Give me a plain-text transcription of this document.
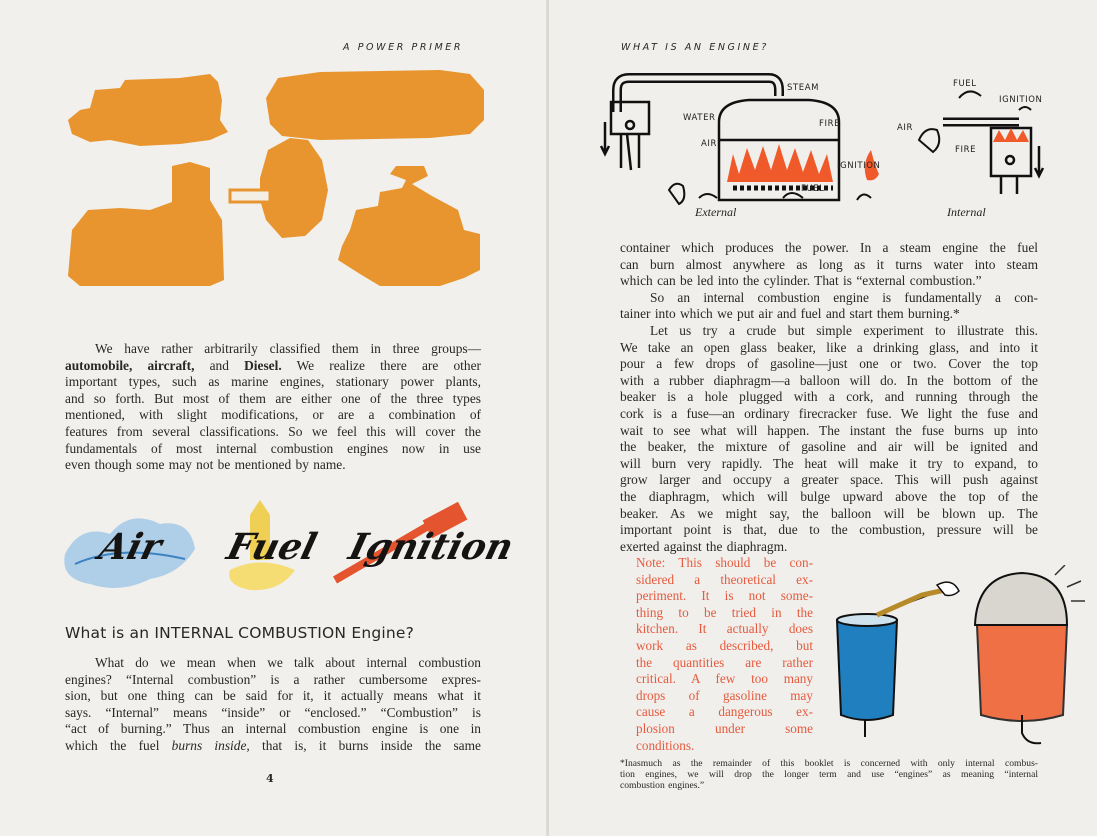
A POWER PRIMER
We have rather arbitrarily classified them in three groups—
automobile, aircraft, and Diesel. We realize there are other
important types, such as marine engines, stationary power plants,
and so forth. But most of them are either one of the three types
mentioned, with slight modifications, or are a combination of
features from several classifications. So we feel this will cover the
fundamentals of most internal combustion engines now in use
even though some may not be mentioned by name.
Air Fuel Ignition
What is an INTERNAL COMBUSTION Engine?
What do we mean when we talk about internal combustion
engines? “Internal combustion” is a rather cumbersome expres-
sion, but one thing can be said for it, it actually means what it
says. “Internal” means “inside” or “enclosed.” “Combustion” is
“act of burning.” Thus an internal combustion engine is one in
which the fuel burns inside, that is, it burns inside the same
4
WHAT IS AN ENGINE?
STEAM
WATER
FIRE
AIR
IGNITION
FUEL
External
FUEL
IGNITION
AIR
FIRE
Internal
container which produces the power. In a steam engine the fuel
can burn almost anywhere as long as it turns water into steam
which can be led into the cylinder. That is “external combustion.”
So an internal combustion engine is fundamentally a con-
tainer into which we put air and fuel and start them burning.*
Let us try a crude but simple experiment to illustrate this.
We take an open glass beaker, like a drinking glass, and into it
pour a few drops of gasoline—just one or two. Cover the top
with a rubber diaphragm—a balloon will do. In the bottom of the
beaker is a hole plugged with a cork, and running through the
cork is a fuse—an ordinary firecracker fuse. We light the fuse and
wait to see what will happen. The instant the fuse burns up into
the beaker, the mixture of gasoline and air will be ignited and
will burn very rapidly. The heat will make it try to expand, to
grow larger and occupy a greater space. This will push against
the diaphragm, which will bulge upward above the top of the
beaker. As we might say, the balloon will be blown up. The
important point is that, due to the combustion, pressure will be
exerted against the diaphragm.
Note: This should be con-
sidered a theoretical ex-
periment. It is not some-
thing to be tried in the
kitchen. It actually does
work as described, but
the quantities are rather
critical. A few too many
drops of gasoline may
cause a dangerous ex-
plosion under some
conditions.
*Inasmuch as the remainder of this booklet is concerned with only internal combus-
tion engines, we will drop the longer term and use “engines” as meaning “internal
combustion engines.”
